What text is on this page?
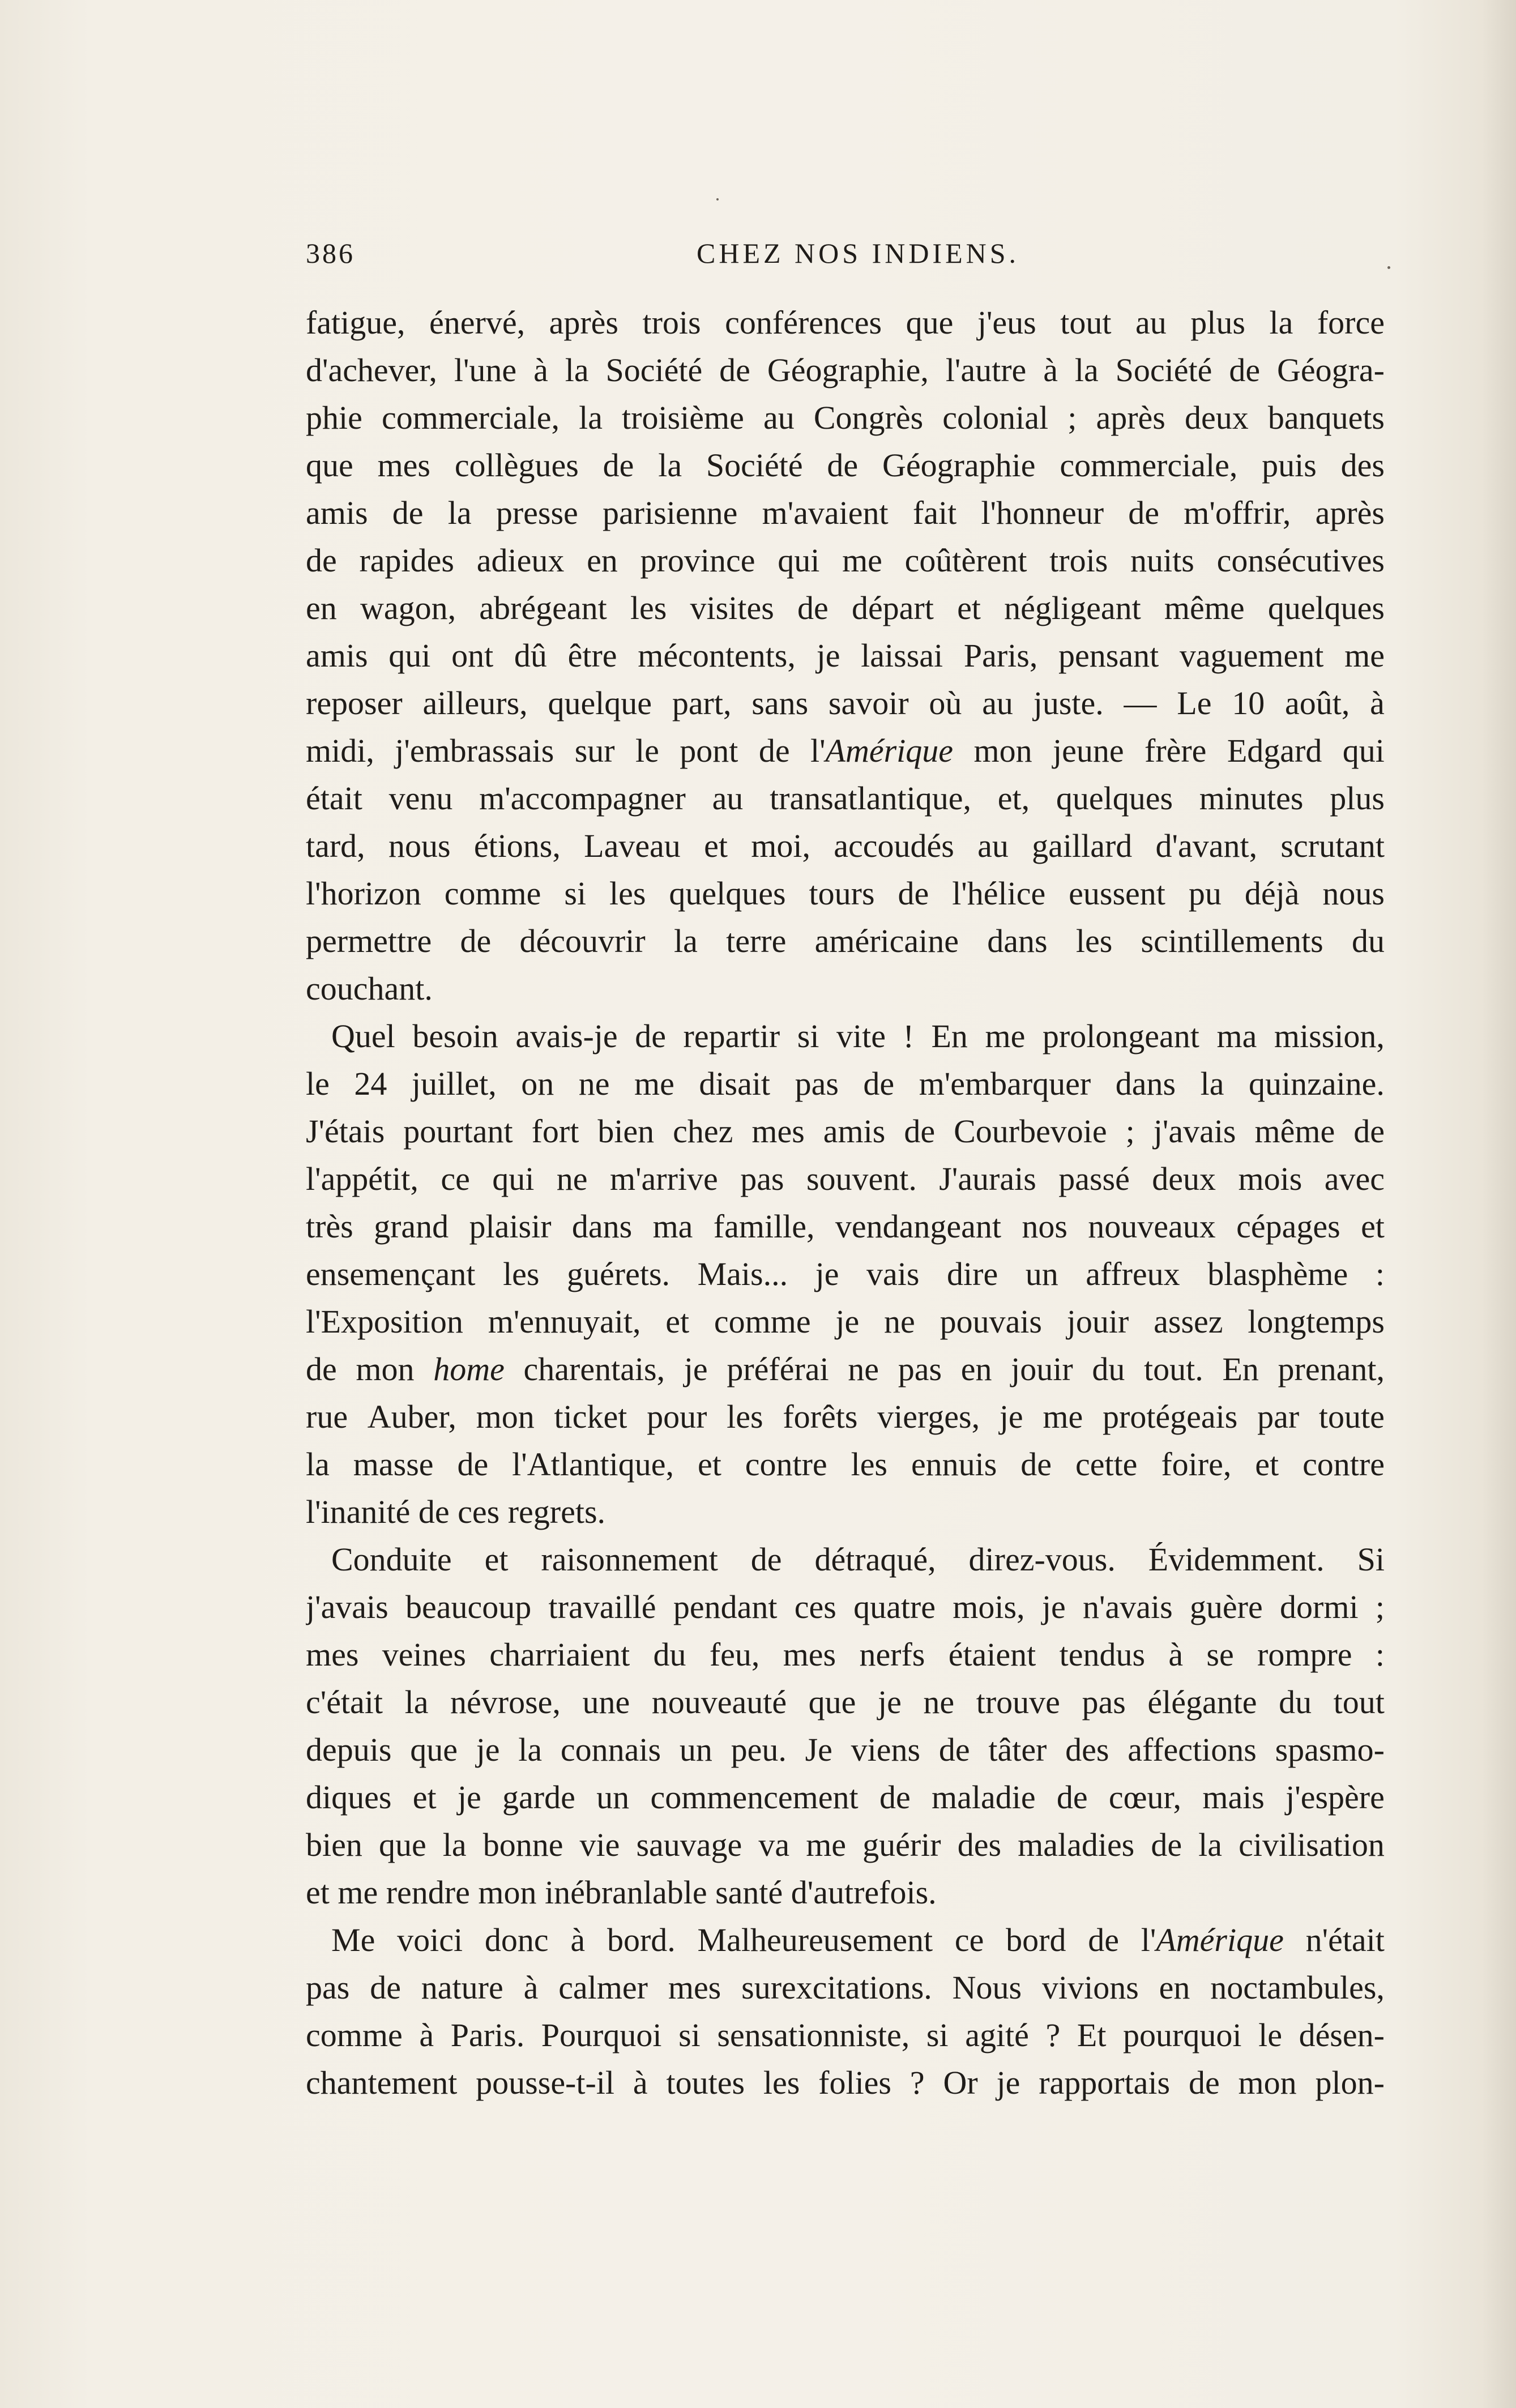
386	CHEZ NOS INDIENS.
fatigue, énervé, après trois conférences que j'eus tout au plus la force
d'achever, l'une à la Société de Géographie, l'autre à la Société de Géogra-
phie commerciale, la troisième au Congrès colonial ; après deux banquets
que mes collègues de la Société de Géographie commerciale, puis des
amis de la presse parisienne m'avaient fait l'honneur de m'offrir, après
de rapides adieux en province qui me coûtèrent trois nuits consécutives
en wagon, abrégeant les visites de départ et négligeant même quelques
amis qui ont dû être mécontents, je laissai Paris, pensant vaguement me
reposer ailleurs, quelque part, sans savoir où au juste. — Le 10 août, à
midi, j'embrassais sur le pont de l'Amérique mon jeune frère Edgard qui
était venu m'accompagner au transatlantique, et, quelques minutes plus
tard, nous étions, Laveau et moi, accoudés au gaillard d'avant, scrutant
l'horizon comme si les quelques tours de l'hélice eussent pu déjà nous
permettre de découvrir la terre américaine dans les scintillements du
couchant.

Quel besoin avais-je de repartir si vite ! En me prolongeant ma mission,
le 24 juillet, on ne me disait pas de m'embarquer dans la quinzaine.
J'étais pourtant fort bien chez mes amis de Courbevoie ; j'avais même de
l'appétit, ce qui ne m'arrive pas souvent. J'aurais passé deux mois avec
très grand plaisir dans ma famille, vendangeant nos nouveaux cépages et
ensemençant les guérets. Mais... je vais dire un affreux blasphème :
l'Exposition m'ennuyait, et comme je ne pouvais jouir assez longtemps
de mon home charentais, je préférai ne pas en jouir du tout. En prenant,
rue Auber, mon ticket pour les forêts vierges, je me protégeais par toute
la masse de l'Atlantique, et contre les ennuis de cette foire, et contre
l'inanité
de
ces
regrets.

Conduite et raisonnement de détraqué, direz-vous. Évidemment. Si
j'avais beaucoup travaillé pendant ces quatre mois, je n'avais guère dormi ;
mes veines charriaient du feu, mes nerfs étaient tendus à se rompre :
c'était la névrose, une nouveauté que je ne trouve pas élégante du tout
depuis que je la connais un peu. Je viens de tâter des affections spasmo-
diques et je garde un commencement de maladie de cœur, mais j'espère
bien que la bonne vie sauvage va me guérir des maladies de la civilisation
et
me
rendre
mon
inébranlable
santé
d'autrefois.

Me voici donc à bord. Malheureusement ce bord de l'Amérique n'était
pas de nature à calmer mes surexcitations. Nous vivions en noctambules,
comme à Paris. Pourquoi si sensationniste, si agité ? Et pourquoi le désen-
chantement pousse-t-il à toutes les folies ? Or je rapportais de mon plon-
